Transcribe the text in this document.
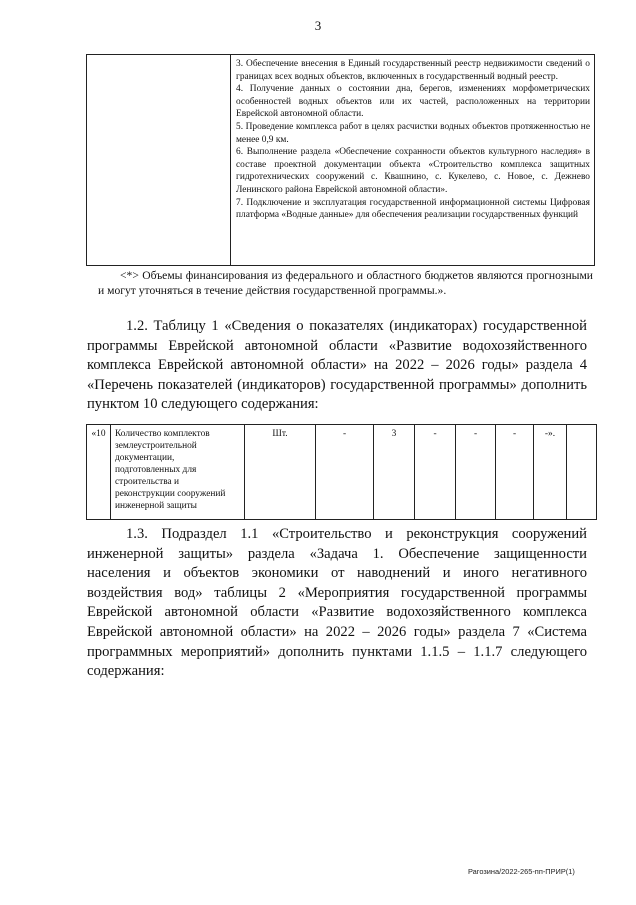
3

3. Обеспечение внесения в Единый государственный реестр недвижимости сведений о границах всех водных объектов, включенных в государственный водный реестр.

4. Получение данных о состоянии дна, берегов, изменениях морфометрических особенностей водных объектов или их частей, расположенных на территории Еврейской автономной области.

5. Проведение комплекса работ в целях расчистки водных объектов протяженностью не менее 0,9 км.

6. Выполнение раздела «Обеспечение сохранности объектов культурного наследия» в составе проектной документации объекта «Строительство комплекса защитных гидротехнических сооружений с. Квашнино, с. Кукелево, с. Новое, с. Дежнево Ленинского района Еврейской автономной области».

7. Подключение и эксплуатация государственной информационной системы Цифровая платформа «Водные данные» для обеспечения реализации государственных функций

<*> Объемы финансирования из федерального и областного бюджетов являются прогнозными и могут уточняться в течение действия государственной программы.».

1.2. Таблицу 1 «Сведения о показателях (индикаторах) государственной программы Еврейской автономной области «Развитие водохозяйственного комплекса Еврейской автономной области» на 2022 – 2026 годы» раздела 4 «Перечень показателей (индикаторов) государственной программы» дополнить пунктом 10 следующего содержания:

«10	Количество комплектов землеустроительной документации, подготовленных для строительства и реконструкции сооружений инженерной защиты	Шт.	-	3	-	-	-	-».	

1.3. Подраздел 1.1 «Строительство и реконструкция сооружений инженерной защиты» раздела «Задача 1. Обеспечение защищенности населения и объектов экономики от наводнений и иного негативного воздействия вод» таблицы 2 «Мероприятия государственной программы Еврейской автономной области «Развитие водохозяйственного комплекса Еврейской автономной области» на 2022 – 2026 годы» раздела 7 «Система программных мероприятий» дополнить пунктами 1.1.5 – 1.1.7 следующего содержания:

Рагозина/2022-265-пп-ПРИР(1)
